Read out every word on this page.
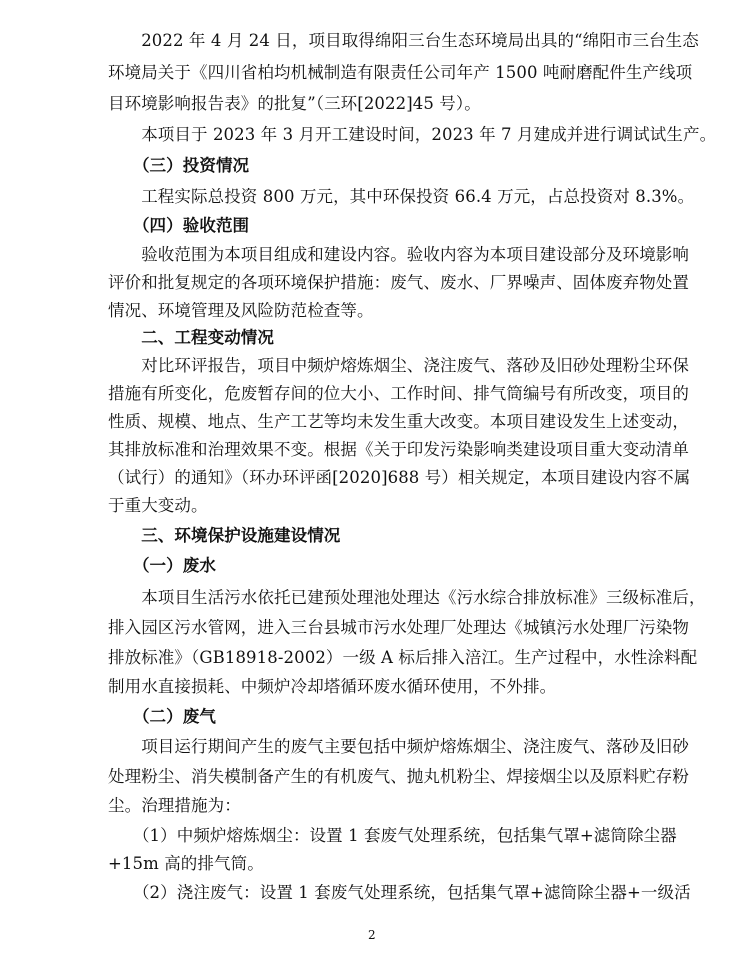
　　2022 年 4 月 24 日，项目取得绵阳三台生态环境局出具的“绵阳市三台生态
环境局关于《四川省柏均机械制造有限责任公司年产 1500 吨耐磨配件生产线项
目环境影响报告表》的批复”（三环[2022]45 号）。
　　本项目于 2023 年 3 月开工建设时间，2023 年 7 月建成并进行调试试生产。
　　（三）投资情况
　　工程实际总投资 800 万元，其中环保投资 66.4 万元，占总投资对 8.3%。
　　（四）验收范围
　　验收范围为本项目组成和建设内容。验收内容为本项目建设部分及环境影响
评价和批复规定的各项环境保护措施：废气、废水、厂界噪声、固体废弃物处置
情况、环境管理及风险防范检查等。
　　二、工程变动情况
　　对比环评报告，项目中频炉熔炼烟尘、浇注废气、落砂及旧砂处理粉尘环保
措施有所变化，危废暂存间的位大小、工作时间、排气筒编号有所改变，项目的
性质、规模、地点、生产工艺等均未发生重大改变。本项目建设发生上述变动，
其排放标准和治理效果不变。根据《关于印发污染影响类建设项目重大变动清单
（试行）的通知》（环办环评函[2020]688 号）相关规定，本项目建设内容不属
于重大变动。
　　三、环境保护设施建设情况
　　（一）废水
　　本项目生活污水依托已建预处理池处理达《污水综合排放标准》三级标准后，
排入园区污水管网，进入三台县城市污水处理厂处理达《城镇污水处理厂污染物
排放标准》（GB18918-2002）一级 A 标后排入涪江。生产过程中，水性涂料配
制用水直接损耗、中频炉冷却塔循环废水循环使用，不外排。
　　（二）废气
　　项目运行期间产生的废气主要包括中频炉熔炼烟尘、浇注废气、落砂及旧砂
处理粉尘、消失模制备产生的有机废气、抛丸机粉尘、焊接烟尘以及原料贮存粉
尘。治理措施为：
　　（1）中频炉熔炼烟尘：设置 1 套废气处理系统，包括集气罩+滤筒除尘器
+15m 高的排气筒。
　　（2）浇注废气：设置 1 套废气处理系统，包括集气罩+滤筒除尘器+一级活
2
